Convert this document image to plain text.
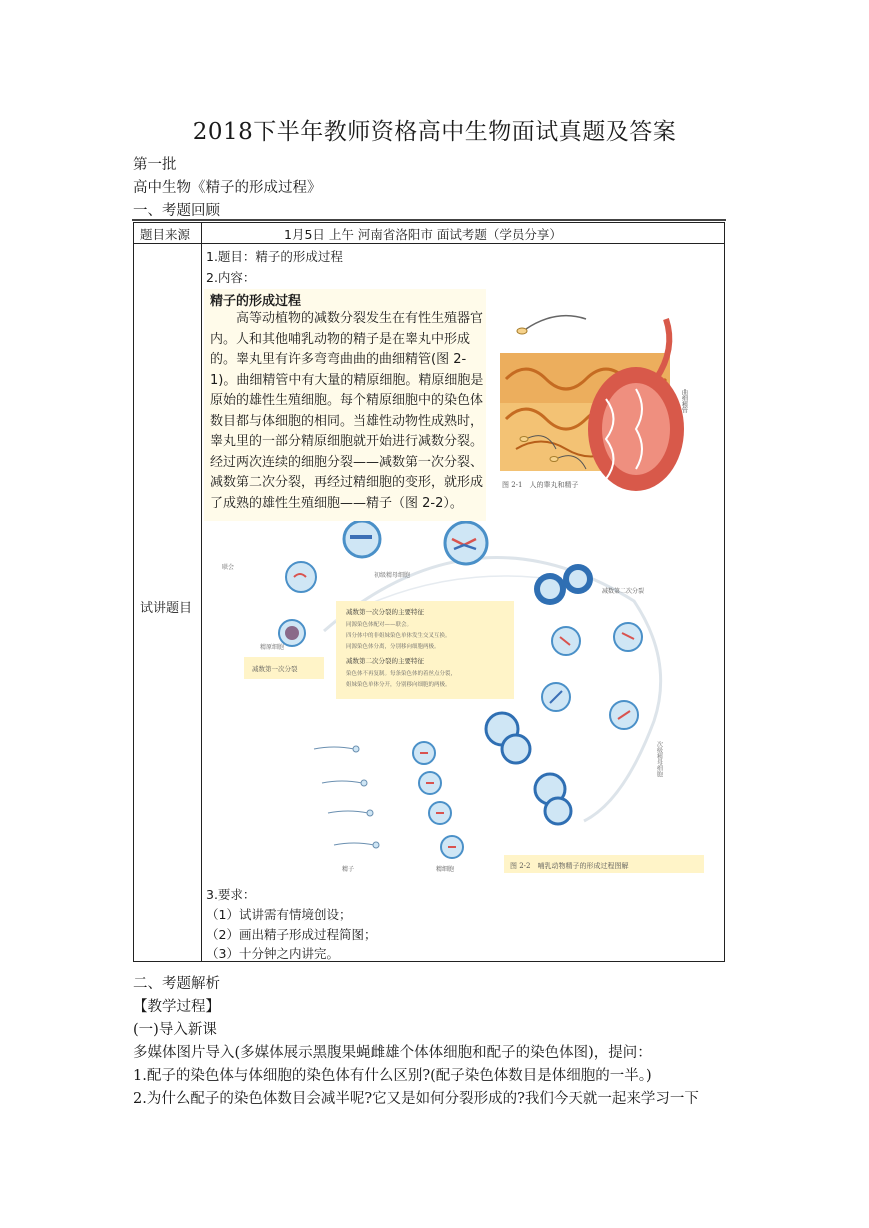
2018下半年教师资格高中生物面试真题及答案
第一批
高中生物《精子的形成过程》
一、考题回顾
题目来源	1月5日 上午 河南省洛阳市 面试考题（学员分享）
试讲题目
1.题目：精子的形成过程
2.内容：
精子的形成过程
高等动植物的减数分裂发生在有性生殖器官内。人和其他哺乳动物的精子是在睾丸中形成的。睾丸里有许多弯弯曲曲的曲细精管(图 2-1)。曲细精管中有大量的精原细胞。精原细胞是原始的雄性生殖细胞。每个精原细胞中的染色体数目都与体细胞的相同。当雄性动物性成熟时，睾丸里的一部分精原细胞就开始进行减数分裂。经过两次连续的细胞分裂——减数第一次分裂、减数第二次分裂，再经过精细胞的变形，就形成了成熟的雄性生殖细胞——精子（图 2-2）。
曲细精管
图 2-1　人的睾丸和精子
减数第一次分裂的主要特征
同源染色体配对——联会。
四分体中的非姐妹染色单体发生交叉互换。
同源染色体分离，分别移向细胞两极。
减数第二次分裂的主要特征
染色体不再复制。每条染色体的着丝点分裂，
姐妹染色单体分开，分别移向细胞的两极。
减数第一次分裂
初级精母细胞
减数第二次分裂
联会
精原细胞
次级精母细胞
精子	精细胞	图 2-2　哺乳动物精子的形成过程图解
3.要求：
（1）试讲需有情境创设；
（2）画出精子形成过程简图；
（3）十分钟之内讲完。
二、考题解析
【教学过程】
(一)导入新课
多媒体图片导入(多媒体展示黑腹果蝇雌雄个体体细胞和配子的染色体图)，提问：
1.配子的染色体与体细胞的染色体有什么区别?(配子染色体数目是体细胞的一半。)
2.为什么配子的染色体数目会减半呢?它又是如何分裂形成的?我们今天就一起来学习一下
